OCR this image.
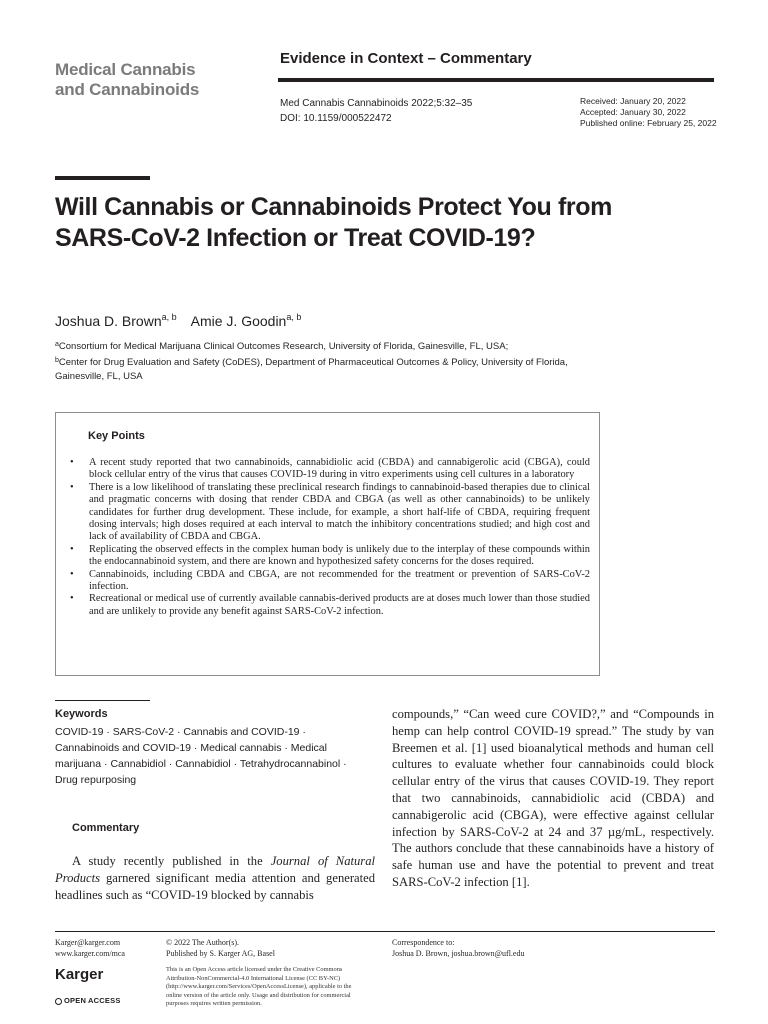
Medical Cannabis
and Cannabinoids
Evidence in Context – Commentary
Med Cannabis Cannabinoids 2022;5:32–35
DOI: 10.1159/000522472
Received: January 20, 2022
Accepted: January 30, 2022
Published online: February 25, 2022
Will Cannabis or Cannabinoids Protect You from SARS-CoV-2 Infection or Treat COVID-19?
Joshua D. Brown$^{a, b}$ Amie J. Goodin$^{a, b}$
$^a$Consortium for Medical Marijuana Clinical Outcomes Research, University of Florida, Gainesville, FL, USA;
$^b$Center for Drug Evaluation and Safety (CoDES), Department of Pharmaceutical Outcomes & Policy, University of Florida, Gainesville, FL, USA
Key Points
• A recent study reported that two cannabinoids, cannabidiolic acid (CBDA) and cannabigerolic acid (CBGA), could block cellular entry of the virus that causes COVID-19 during in vitro experiments using cell cultures in a laboratory
• There is a low likelihood of translating these preclinical research findings to cannabinoid-based therapies due to clinical and pragmatic concerns with dosing that render CBDA and CBGA (as well as other cannabinoids) to be unlikely candidates for further drug development. These include, for example, a short half-life of CBDA, requiring frequent dosing intervals; high doses required at each interval to match the inhibitory concentrations studied; and high cost and lack of availability of CBDA and CBGA.
• Replicating the observed effects in the complex human body is unlikely due to the interplay of these compounds within the endocannabinoid system, and there are known and hypothesized safety concerns for the doses required.
• Cannabinoids, including CBDA and CBGA, are not recommended for the treatment or prevention of SARS-CoV-2 infection.
• Recreational or medical use of currently available cannabis-derived products are at doses much lower than those studied and are unlikely to provide any benefit against SARS-CoV-2 infection.
Keywords
COVID-19 · SARS-CoV-2 · Cannabis and COVID-19 · Cannabinoids and COVID-19 · Medical cannabis · Medical marijuana · Cannabidiol · Cannabidiol · Tetrahydrocannabinol · Drug repurposing
Commentary
A study recently published in the Journal of Natural Products garnered significant media attention and generated headlines such as “COVID-19 blocked by cannabis
compounds,” “Can weed cure COVID?,” and “Compounds in hemp can help control COVID-19 spread.” The study by van Breemen et al. [1] used bioanalytical methods and human cell cultures to evaluate whether four cannabinoids could block cellular entry of the virus that causes COVID-19. They report that two cannabinoids, cannabidiolic acid (CBDA) and cannabigerolic acid (CBGA), were effective against cellular infection by SARS-CoV-2 at 24 and 37 µg/mL, respectively. The authors conclude that these cannabinoids have a history of safe human use and have the potential to prevent and treat SARS-CoV-2 infection [1].
Karger@karger.com
www.karger.com/mca
© 2022 The Author(s).
Published by S. Karger AG, Basel
This is an Open Access article licensed under the Creative Commons Attribution-NonCommercial-4.0 International License (CC BY-NC) (http://www.karger.com/Services/OpenAccessLicense), applicable to the online version of the article only. Usage and distribution for commercial purposes requires written permission.
Correspondence to:
Joshua D. Brown, joshua.brown@ufl.edu
Karger
OPEN ACCESS
